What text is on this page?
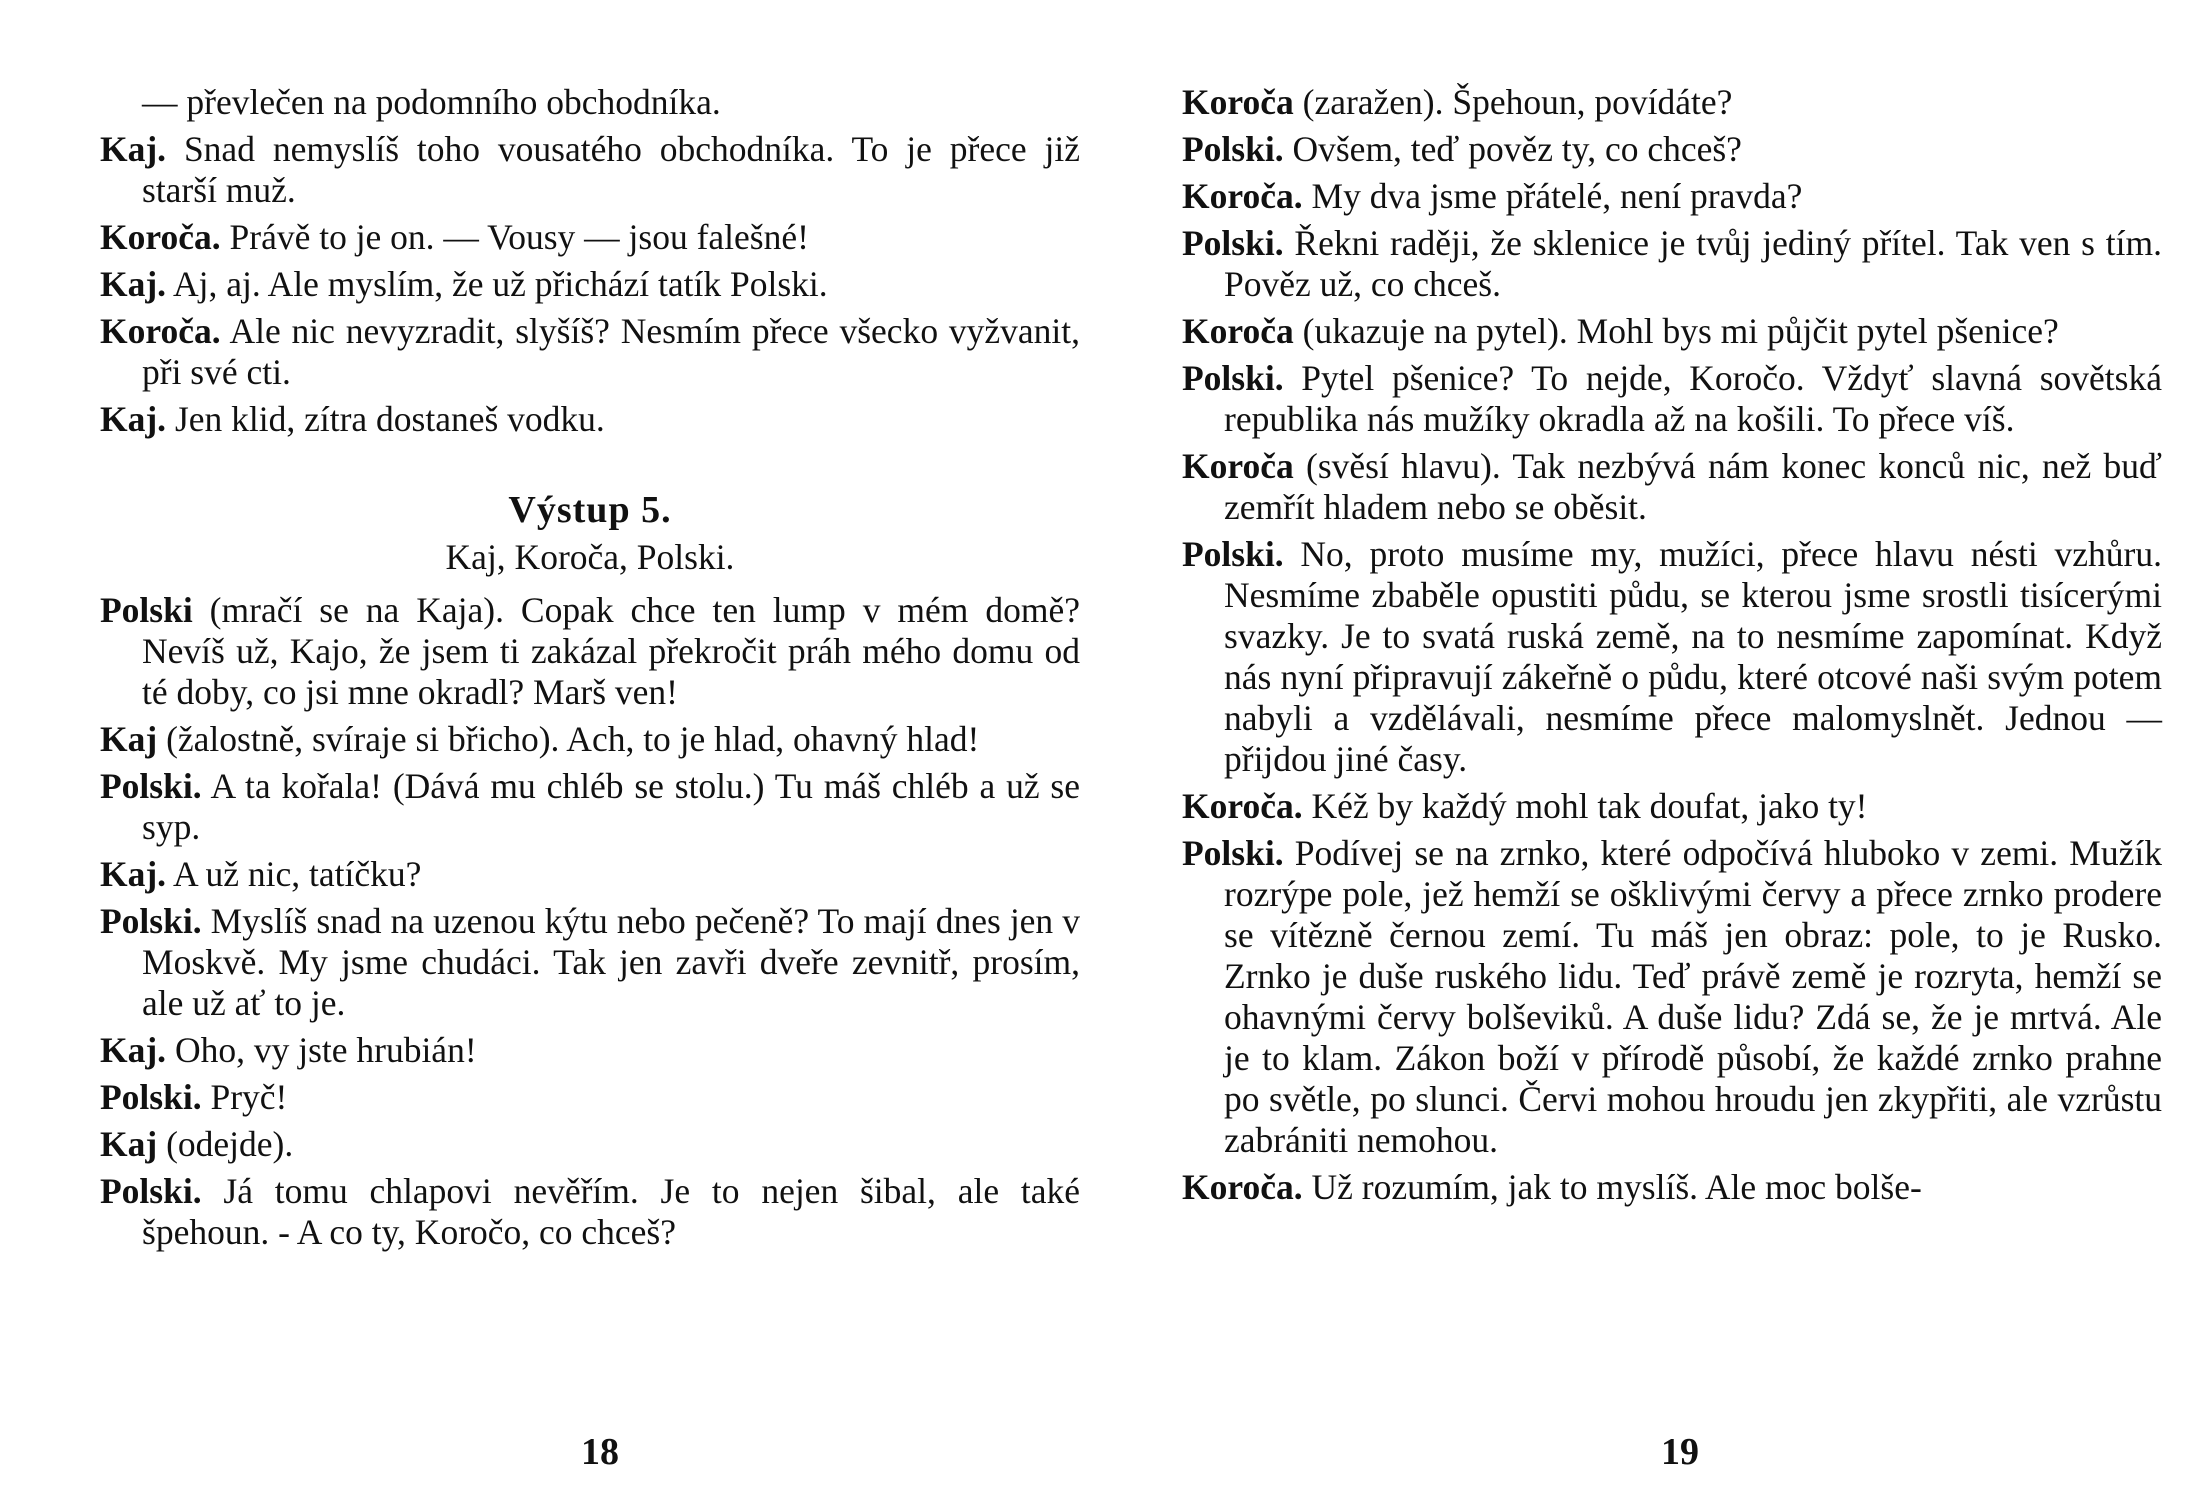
— převlečen na podomního obchodníka.

Kaj. Snad nemyslíš toho vousatého obchodníka. To je přece již starší muž.

Koroča. Právě to je on. — Vousy — jsou falešné!

Kaj. Aj, aj. Ale myslím, že už přichází tatík Polski.

Koroča. Ale nic nevyzradit, slyšíš? Nesmím přece všecko vyžvanit, při své cti.

Kaj. Jen klid, zítra dostaneš vodku.

Výstup 5.
Kaj, Koroča, Polski.

Polski (mračí se na Kaja). Copak chce ten lump v mém domě? Nevíš už, Kajo, že jsem ti zakázal překročit práh mého domu od té doby, co jsi mne okradl? Marš ven!

Kaj (žalostně, svíraje si břicho). Ach, to je hlad, ohavný hlad!

Polski. A ta kořala! (Dává mu chléb se stolu.) Tu máš chléb a už se syp.

Kaj. A už nic, tatíčku?

Polski. Myslíš snad na uzenou kýtu nebo pečeně? To mají dnes jen v Moskvě. My jsme chudáci. Tak jen zavři dveře zevnitř, prosím, ale už ať to je.

Kaj. Oho, vy jste hrubián!

Polski. Pryč!

Kaj (odejde).

Polski. Já tomu chlapovi nevěřím. Je to nejen šibal, ale také špehoun. - A co ty, Koročo, co chceš?

Koroča (zaražen). Špehoun, povídáte?

Polski. Ovšem, teď pověz ty, co chceš?

Koroča. My dva jsme přátelé, není pravda?

Polski. Řekni raději, že sklenice je tvůj jediný přítel. Tak ven s tím. Pověz už, co chceš.

Koroča (ukazuje na pytel). Mohl bys mi půjčit pytel pšenice?

Polski. Pytel pšenice? To nejde, Koročo. Vždyť slavná sovětská republika nás mužíky okradla až na košili. To přece víš.

Koroča (svěsí hlavu). Tak nezbývá nám konec konců nic, než buď zemřít hladem nebo se oběsit.

Polski. No, proto musíme my, mužíci, přece hlavu nésti vzhůru. Nesmíme zbaběle opustiti půdu, se kterou jsme srostli tisícerými svazky. Je to svatá ruská země, na to nesmíme zapomínat. Když nás nyní připravují zákeřně o půdu, které otcové naši svým potem nabyli a vzdělávali, nesmíme přece malomyslnět. Jednou — přijdou jiné časy.

Koroča. Kéž by každý mohl tak doufat, jako ty!

Polski. Podívej se na zrnko, které odpočívá hluboko v zemi. Mužík rozrýpe pole, jež hemží se ošklivými červy a přece zrnko prodere se vítězně černou zemí. Tu máš jen obraz: pole, to je Rusko. Zrnko je duše ruského lidu. Teď právě země je rozryta, hemží se ohavnými červy bolševiků. A duše lidu? Zdá se, že je mrtvá. Ale je to klam. Zákon boží v přírodě působí, že každé zrnko prahne po světle, po slunci. Červi mohou hroudu jen zkypřiti, ale vzrůstu zabrániti nemohou.

Koroča. Už rozumím, jak to myslíš. Ale moc bolše-

18	19
